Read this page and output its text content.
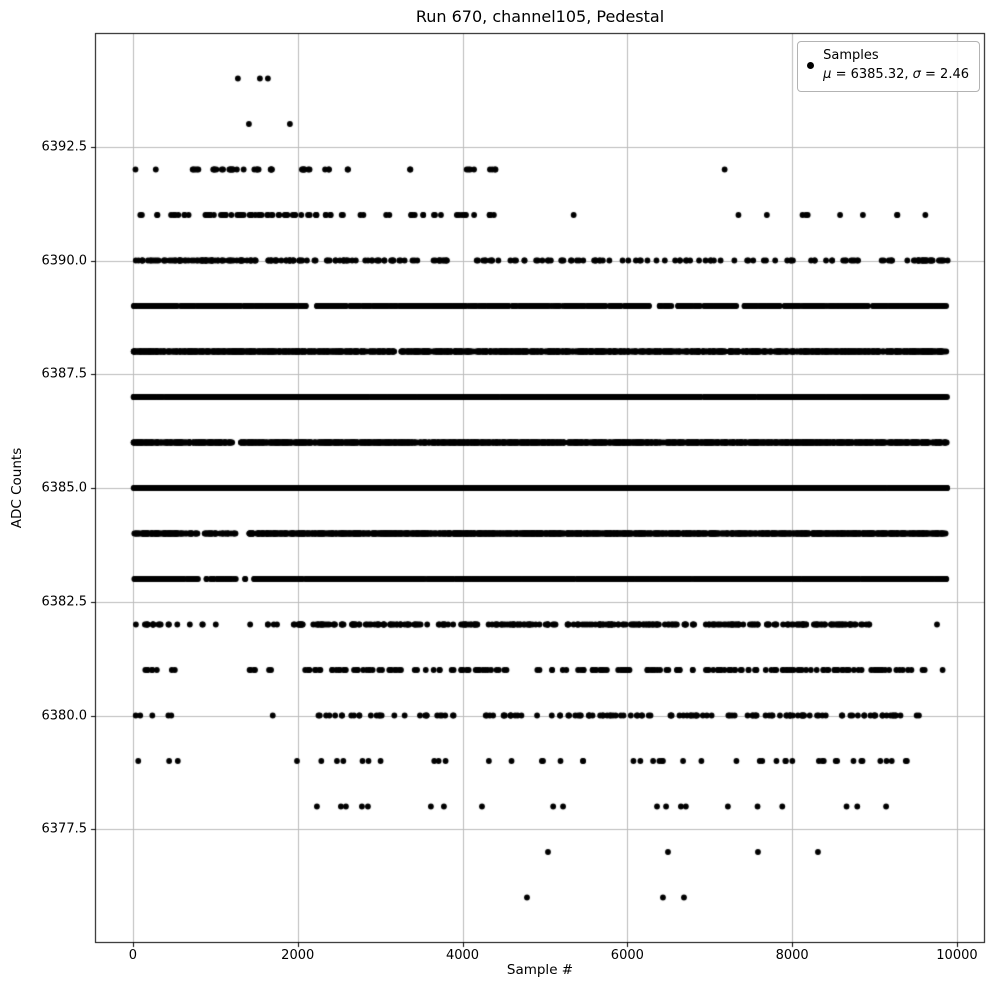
Run 670, channel105, Pedestal
Sample #
ADC Counts
6377.5
6380.0
6382.5
6385.0
6387.5
6390.0
6392.5
0	2000	4000	6000	8000	10000
Samples
μ = 6385.32, σ = 2.46
